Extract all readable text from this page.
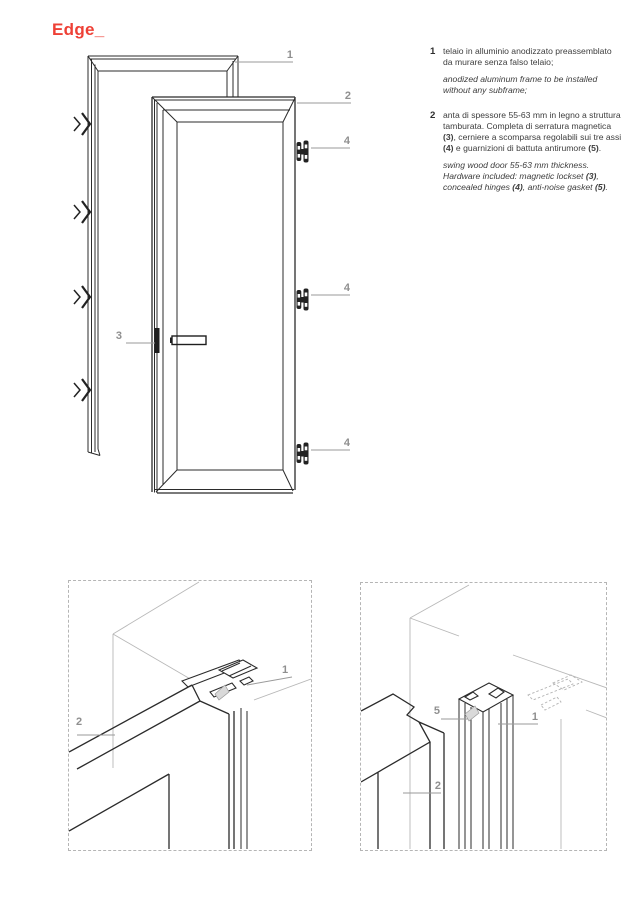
Edge_
1
2
4
4
4
3
1 telaio in alluminio anodizzato preassemblato da murare senza falso telaio;

anodized aluminum frame to be installed without any subframe;

2 anta di spessore 55-63 mm in legno a struttura tamburata. Completa di serratura magnetica (3), cerniere a scomparsa regolabili sui tre assi (4) e guarnizioni di battuta antirumore (5).

swing wood door 55-63 mm thickness. Hardware included: magnetic lockset (3), concealed hinges (4), anti-noise gasket (5).

1
2
5	1
2
